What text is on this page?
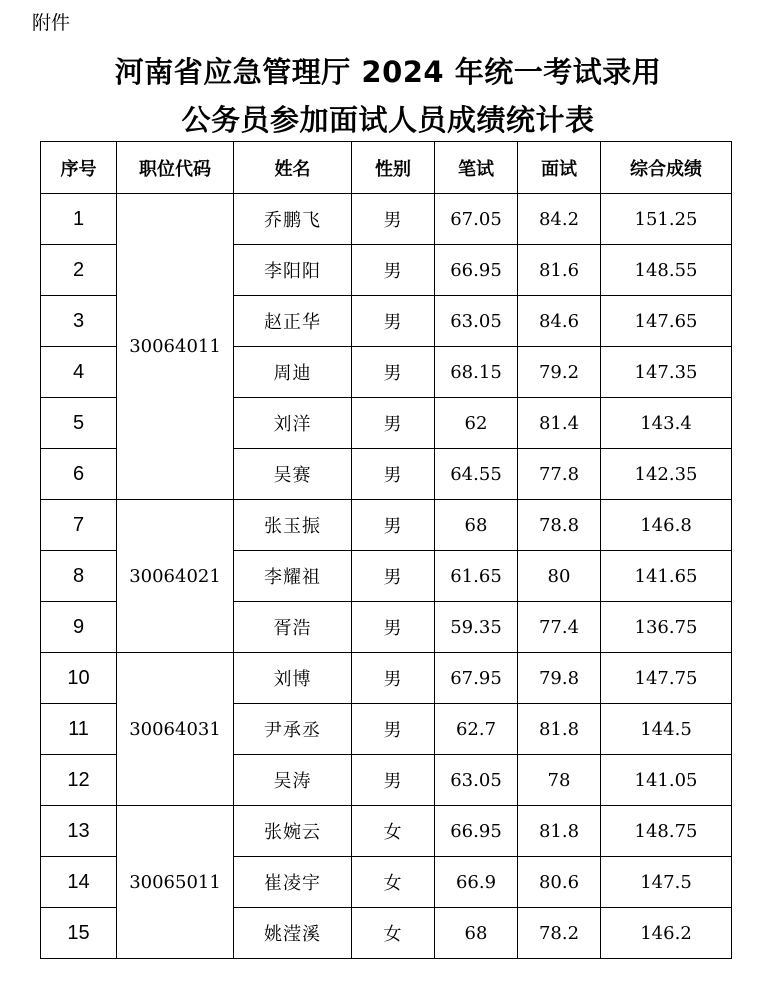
附件
河南省应急管理厅 2024 年统一考试录用
公务员参加面试人员成绩统计表
序号	职位代码	姓名	性别	笔试	面试	综合成绩
1	30064011	乔鹏飞	男	67.05	84.2	151.25
2		李阳阳	男	66.95	81.6	148.55
3		赵正华	男	63.05	84.6	147.65
4		周迪	男	68.15	79.2	147.35
5		刘洋	男	62	81.4	143.4
6		吴赛	男	64.55	77.8	142.35
7	30064021	张玉振	男	68	78.8	146.8
8		李耀祖	男	61.65	80	141.65
9		胥浩	男	59.35	77.4	136.75
10	30064031	刘博	男	67.95	79.8	147.75
11		尹承丞	男	62.7	81.8	144.5
12		吴涛	男	63.05	78	141.05
13	30065011	张婉云	女	66.95	81.8	148.75
14		崔凌宇	女	66.9	80.6	147.5
15		姚滢溪	女	68	78.2	146.2
